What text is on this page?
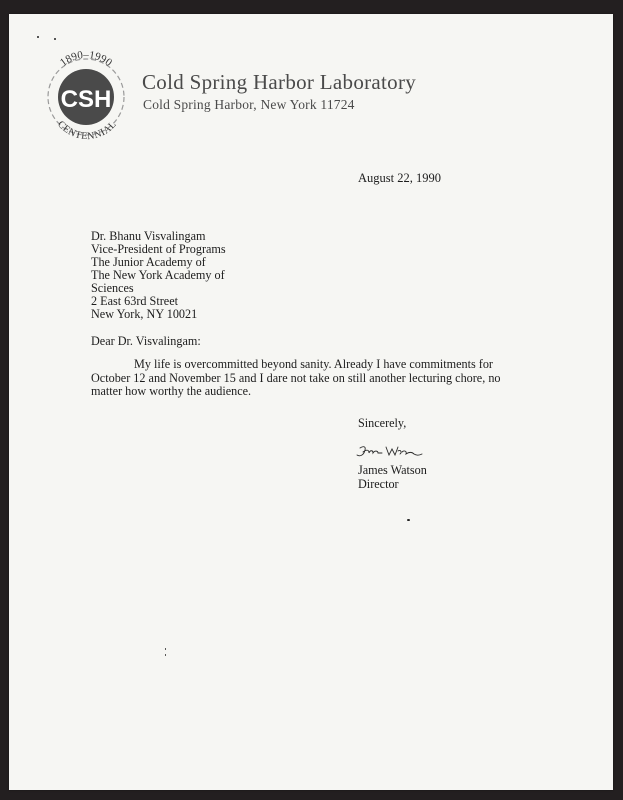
CSH
1890–1990
CENTENNIAL
Cold Spring Harbor Laboratory
Cold Spring Harbor, New York 11724
August 22, 1990
Dr. Bhanu Visvalingam
Vice-President of Programs
The Junior Academy of
The New York Academy of
Sciences
2 East 63rd Street
New York, NY 10021
Dear Dr. Visvalingam:
My life is overcommitted beyond sanity. Already I have commitments for
October 12 and November 15 and I dare not take on still another lecturing chore, no
matter how worthy the audience.
Sincerely,
James Watson
Director
